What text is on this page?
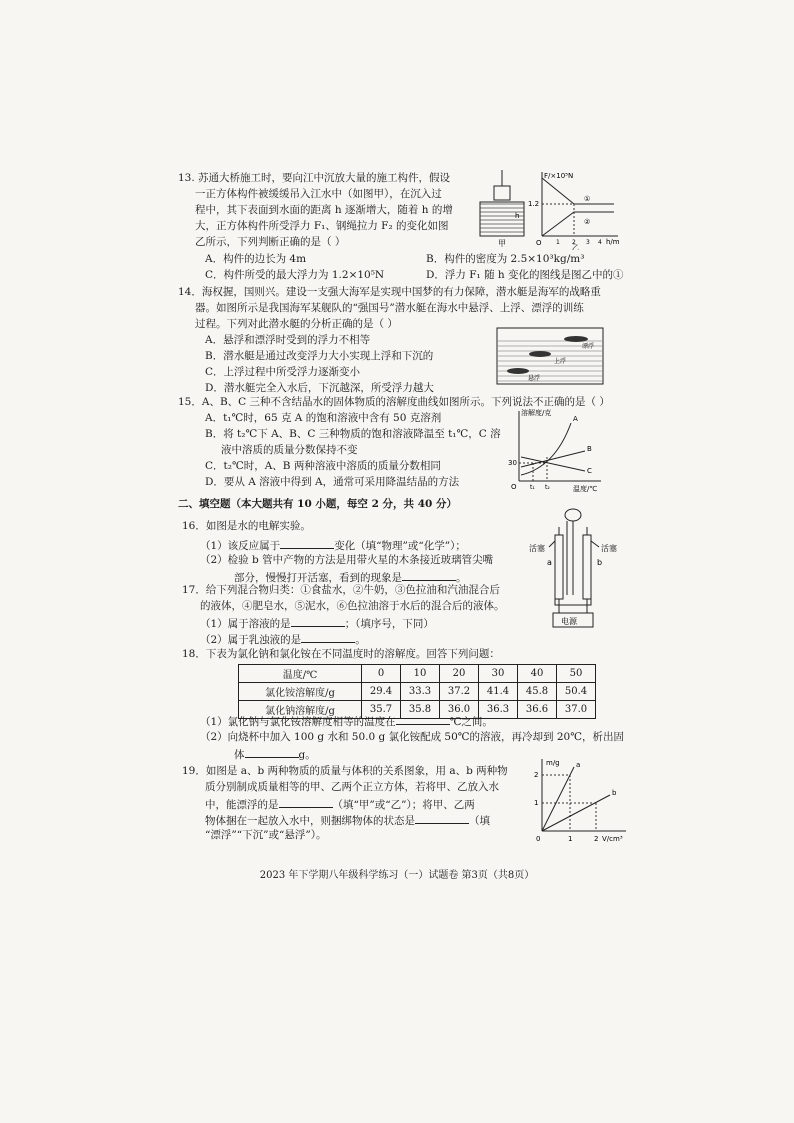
13. 苏通大桥施工时，要向江中沉放大量的施工构件，假设
一正方体构件被缓缓吊入江水中（如图甲），在沉入过
程中，其下表面到水面的距离 h 逐渐增大，随着 h 的增
大，正方体构件所受浮力 F₁、钢绳拉力 F₂ 的变化如图
乙所示，下列判断正确的是（ ）
A．构件的边长为 4m	B．构件的密度为 2.5×10³kg/m³
C．构件所受的最大浮力为 1.2×10⁵N	D．浮力 F₁ 随 h 变化的图线是图乙中的①
h
甲
F/×10⁵N
h/m
O
1.2
①
②
1 2 3 4
乙
14．海权握，国则兴。建设一支强大海军是实现中国梦的有力保障，潜水艇是海军的战略重
器。如图所示是我国海军某舰队的“强国号”潜水艇在海水中悬浮、上浮、漂浮的训练
过程。下列对此潜水艇的分析正确的是（ ）
A．悬浮和漂浮时受到的浮力不相等
B．潜水艇是通过改变浮力大小实现上浮和下沉的
C．上浮过程中所受浮力逐渐变小
D．潜水艇完全入水后，下沉越深，所受浮力越大
漂浮
上浮
悬浮
15．A、B、C 三种不含结晶水的固体物质的溶解度曲线如图所示。下列说法不正确的是（ ）
A．t₁℃时，65 克 A 的饱和溶液中含有 50 克溶剂
B．将 t₂℃下 A、B、C 三种物质的饱和溶液降温至 t₁℃，C 溶
液中溶质的质量分数保持不变
C．t₂℃时，A、B 两种溶液中溶质的质量分数相同
D．要从 A 溶液中得到 A，通常可采用降温结晶的方法
溶解度/克
温度/℃
30
O
A
B
C
t₁ t₂
二、填空题（本大题共有 10 小题，每空 2 分，共 40 分）
16．如图是水的电解实验。
（1）该反应属于	变化（填“物理”或“化学”）；
（2）检验 b 管中产物的方法是用带火星的木条接近玻璃管尖嘴
部分，慢慢打开活塞，看到的现象是	。
活塞	活塞
a	b
电源
17．给下列混合物归类：①食盐水，②牛奶，③色拉油和汽油混合后
的液体，④肥皂水，⑤泥水，⑥色拉油溶于水后的混合后的液体。
（1）属于溶液的是	；（填序号，下同）
（2）属于乳浊液的是	。
18．下表为氯化钠和氯化铵在不同温度时的溶解度。回答下列问题：
温度/℃	0	10	20	30	40	50
氯化铵溶解度/g	29.4	33.3	37.2	41.4	45.8	50.4
氯化钠溶解度/g	35.7	35.8	36.0	36.3	36.6	37.0
（1）氯化钠与氯化铵溶解度相等的温度在	℃之间。
（2）向烧杯中加入 100 g 水和 50.0 g 氯化铵配成 50℃的溶液，再冷却到 20℃，析出固
体	g。
19．如图是 a、b 两种物质的质量与体积的关系图象，用 a、b 两种物
质分别制成质量相等的甲、乙两个正立方体，若将甲、乙放入水
中，能漂浮的是	（填“甲”或“乙”）；将甲、乙两
物体捆在一起放入水中，则捆绑物体的状态是	（填
“漂浮”“下沉”或“悬浮”）。
m/g
V/cm³
0
2
1
1	2
a
b
2023 年下学期八年级科学练习（一）试题卷 第3页（共8页）
